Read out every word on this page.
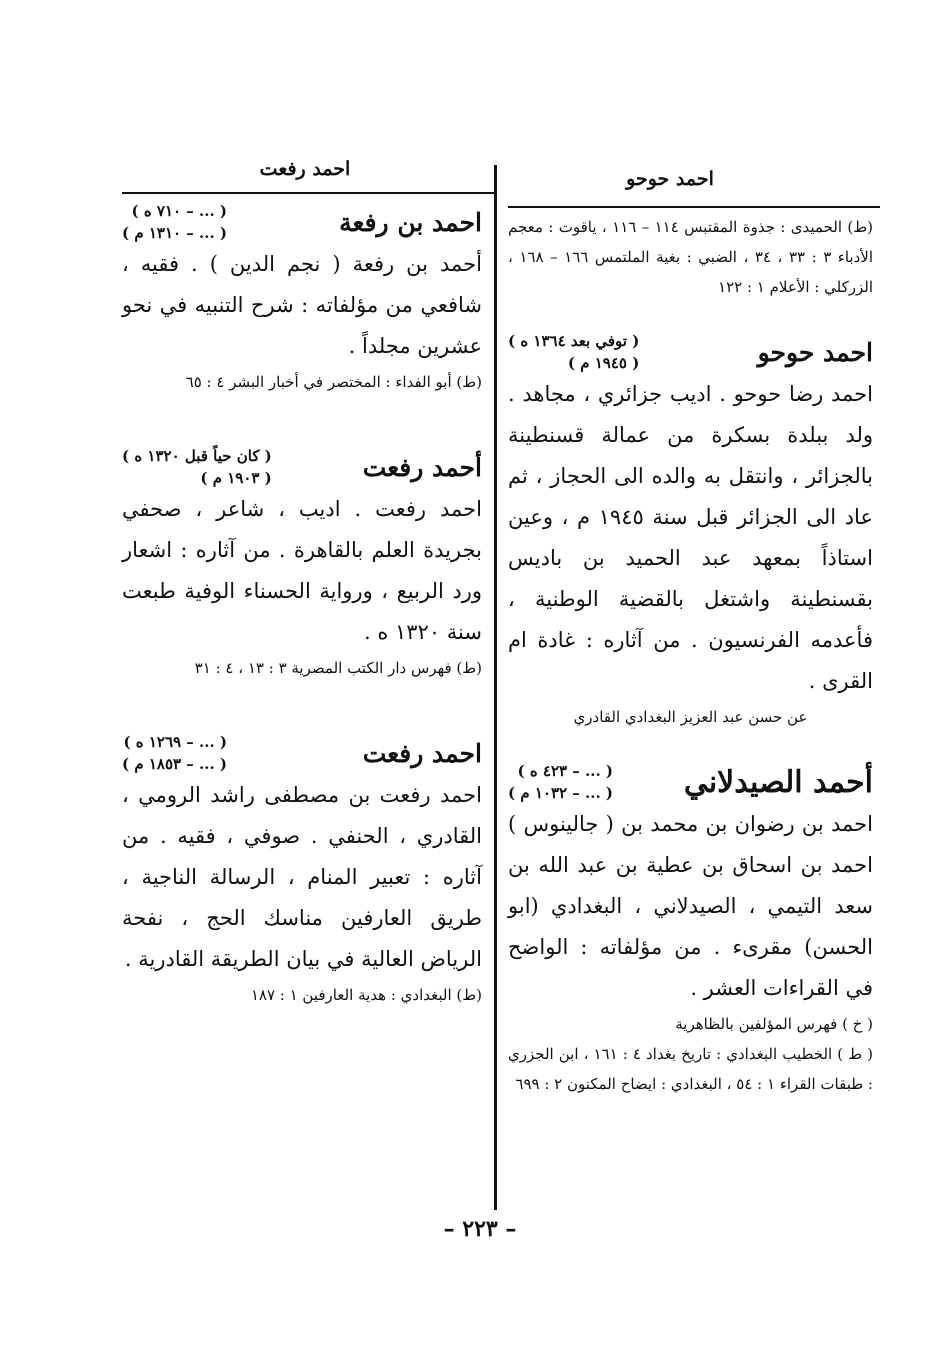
احمد رفعت	احمد حوحو
(ط) الحميدى : جذوة المقتبس ١١٤ – ١١٦ ، ياقوت : معجم الأدباء ٣ : ٣٣ ، ٣٤ ، الضبي : بغية الملتمس ١٦٦ – ١٦٨ ، الزركلي : الأعلام ١ : ١٢٢
احمد حوحو
( توفي بعد ١٣٦٤ ه )
( ١٩٤٥ م )
احمد رضا حوحو . اديب جزائري ، مجاهد . ولد ببلدة بسكرة من عمالة قسنطينة بالجزائر ، وانتقل به والده الى الحجاز ، ثم عاد الى الجزائر قبل سنة ١٩٤٥ م ، وعين استاذاً بمعهد عبد الحميد بن باديس بقسنطينة واشتغل بالقضية الوطنية ، فأعدمه الفرنسيون . من آثاره : غادة ام القرى .
عن حسن عبد العزيز البغدادي القادري
أحمد الصيدلاني
( ... – ٤٢٣ ه )
( ... – ١٠٣٢ م )
احمد بن رضوان بن محمد بن ( جالينوس ) احمد بن اسحاق بن عطية بن عبد الله بن سعد التيمي ، الصيدلاني ، البغدادي (ابو الحسن) مقرىء . من مؤلفاته : الواضح في القراءات العشر .
( خ ) فهرس المؤلفين بالظاهرية
( ط ) الخطيب البغدادي : تاريخ بغداد ٤ : ١٦١ ، ابن الجزري : طبقات القراء ١ : ٥٤ ، البغدادي : ايضاح المكنون ٢ : ٦٩٩
احمد بن رفعة
( ... – ٧١٠ ه )
( ... – ١٣١٠ م )
أحمد بن رفعة ( نجم الدين ) . فقيه ، شافعي من مؤلفاته : شرح التنبيه في نحو عشرين مجلداً .
(ط) أبو الفداء : المختصر في أخبار البشر ٤ : ٦٥
أحمد رفعت
( كان حياً قبل ١٣٢٠ ه )
( ١٩٠٣ م )
احمد رفعت . اديب ، شاعر ، صحفي بجريدة العلم بالقاهرة . من آثاره : اشعار ورد الربيع ، ورواية الحسناء الوفية طبعت سنة ١٣٢٠ ه .
(ط) فهرس دار الكتب المصرية ٣ : ١٣ ، ٤ : ٣١
احمد رفعت
( ... – ١٢٦٩ ه )
( ... – ١٨٥٣ م )
احمد رفعت بن مصطفى راشد الرومي ، القادري ، الحنفي . صوفي ، فقيه . من آثاره : تعبير المنام ، الرسالة الناجية ، طريق العارفين مناسك الحج ، نفحة الرياض العالية في بيان الطريقة القادرية .
(ط) البغدادي : هدية العارفين ١ : ١٨٧
– ٢٢٣ –
